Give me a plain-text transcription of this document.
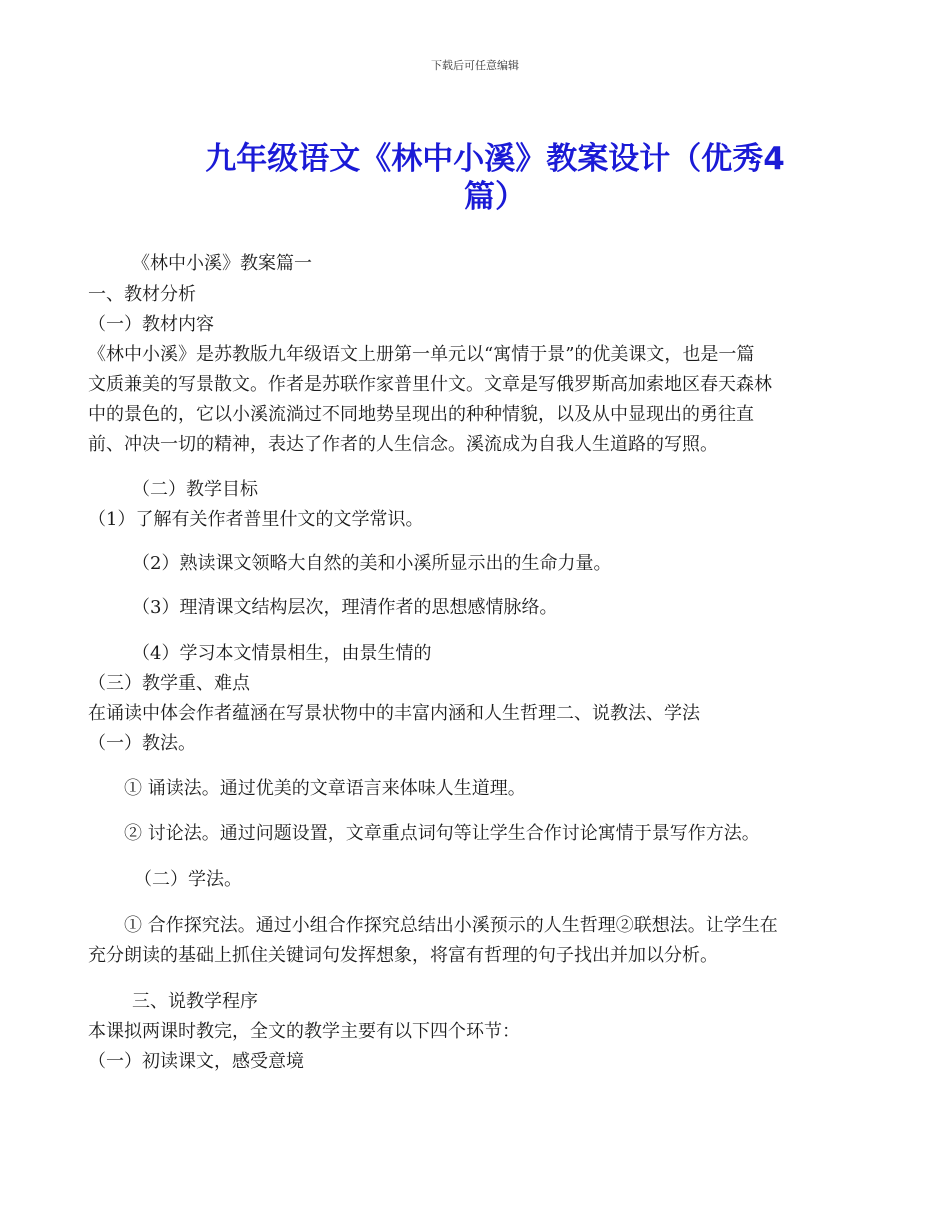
下载后可任意编辑
九年级语文《林中小溪》教案设计（优秀4
篇）
《林中小溪》教案篇一
一、教材分析
（一）教材内容
《林中小溪》是苏教版九年级语文上册第一单元以“寓情于景”的优美课文，也是一篇
文质兼美的写景散文。作者是苏联作家普里什文。文章是写俄罗斯高加索地区春天森林
中的景色的，它以小溪流淌过不同地势呈现出的种种情貌，以及从中显现出的勇往直
前、冲决一切的精神，表达了作者的人生信念。溪流成为自我人生道路的写照。
（二）教学目标
（1）了解有关作者普里什文的文学常识。
（2）熟读课文领略大自然的美和小溪所显示出的生命力量。
（3）理清课文结构层次，理清作者的思想感情脉络。
（4）学习本文情景相生，由景生情的
（三）教学重、难点
在诵读中体会作者蕴涵在写景状物中的丰富内涵和人生哲理二、说教法、学法
（一）教法。
① 诵读法。通过优美的文章语言来体味人生道理。
② 讨论法。通过问题设置，文章重点词句等让学生合作讨论寓情于景写作方法。
（二）学法。
① 合作探究法。通过小组合作探究总结出小溪预示的人生哲理②联想法。让学生在
充分朗读的基础上抓住关键词句发挥想象，将富有哲理的句子找出并加以分析。
三、说教学程序
本课拟两课时教完，全文的教学主要有以下四个环节：
（一）初读课文，感受意境
